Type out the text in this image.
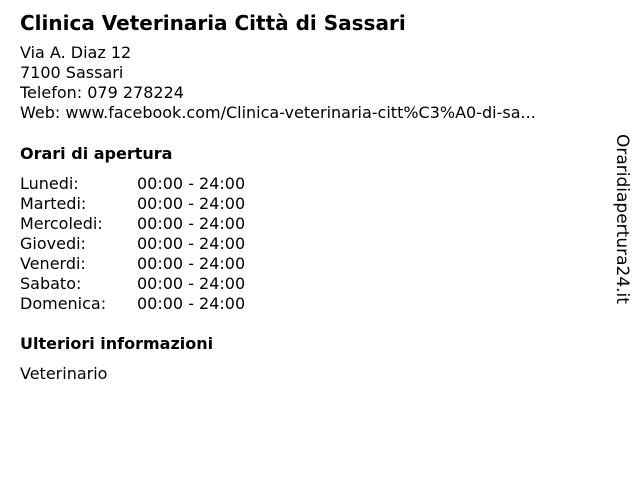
Clinica Veterinaria Città di Sassari
Via A. Diaz 12
7100 Sassari
Telefon: 079 278224
Web: www.facebook.com/Clinica-veterinaria-citt%C3%A0-di-sa...
Orari di apertura
Lunedi:	00:00 - 24:00
Martedi:	00:00 - 24:00
Mercoledi:	00:00 - 24:00
Giovedi:	00:00 - 24:00
Venerdi:	00:00 - 24:00
Sabato:	00:00 - 24:00
Domenica:	00:00 - 24:00
Ulteriori informazioni
Veterinario
Oraridiapertura24.it
